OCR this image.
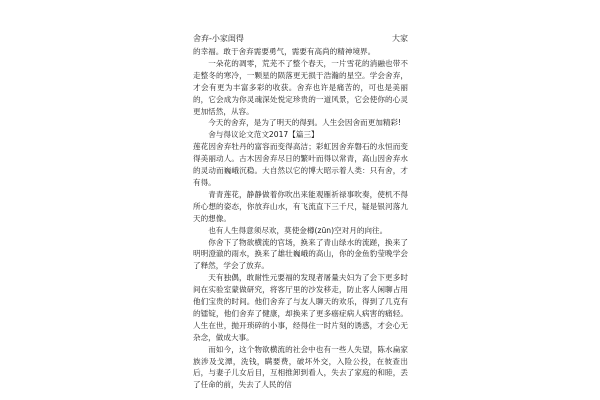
舍弃-小家闺得	大家

的幸福。敢于舍弃需要勇气，需要有高尚的精神境界。

一朵花的凋零，荒芜不了整个春天，一片雪花的消融也带不走整冬的寒冷，一颗星的陨落更无损于浩瀚的星空。学会舍弃，才会有更为丰富多彩的收获。舍弃也许是痛苦的，可也是美丽的，它会成为你灵魂深处悦定珍贵的一道风景，它会使你的心灵更加恬然，从容。

今天的舍弃，是为了明天的得到。人生会因舍而更加精彩!

舍与得议论文范文2017【篇三】

莲花因舍弃牡丹的富容而变得高洁；彩虹因舍弃磐石的永恒而变得美丽动人。古木因舍弃尽日的繁叶而得以常青，高山因舍弃水的灵动而巍峨沉稳。大自然以它的博大昭示着人类：只有舍，才有得。

青青莲花，静静做着你吹出来能观雁祈禄事吹奏，使机不得所心想的姿态，你放弃山水，有飞流直下三千尺，疑是银河落九天的想像。

也有人生得意须尽欢，莫使金樽(zūn)空对月的向往。

你舍下了物欲横流的官场，换来了青山绿水的流蹉，换来了明明澄澈的雨水，换来了雄壮巍峨的高山，你的金鱼豹莹晚学会了释然，学会了放弃。

天有独偶，敢耐性元要福的发现者屠量夫妇为了会下更多时间在实验室蒙做研究，将客厅里的沙发移走，防止客人闲聊占用他们宝贵的时间。他们舍弃了与友人聊天的欢乐，得到了几克有的镭锭，他们舍弃了健康，却换来了更多癌症病人病害的痛轻。人生在世，抛开琐碎的小事，经得住一时片刻的诱惑，才会心无杂念，做成大事。

而如今，这个物欲横流的社会中也有一些人失望，陈水扁家族涉及戈潭，洗钱，瞒要费，破坏外交，入险公投，在彼查出后，与妻子儿女后目，互相推卸到看人，失去了家庭的和睦，丢了任命的前，失去了人民的信
